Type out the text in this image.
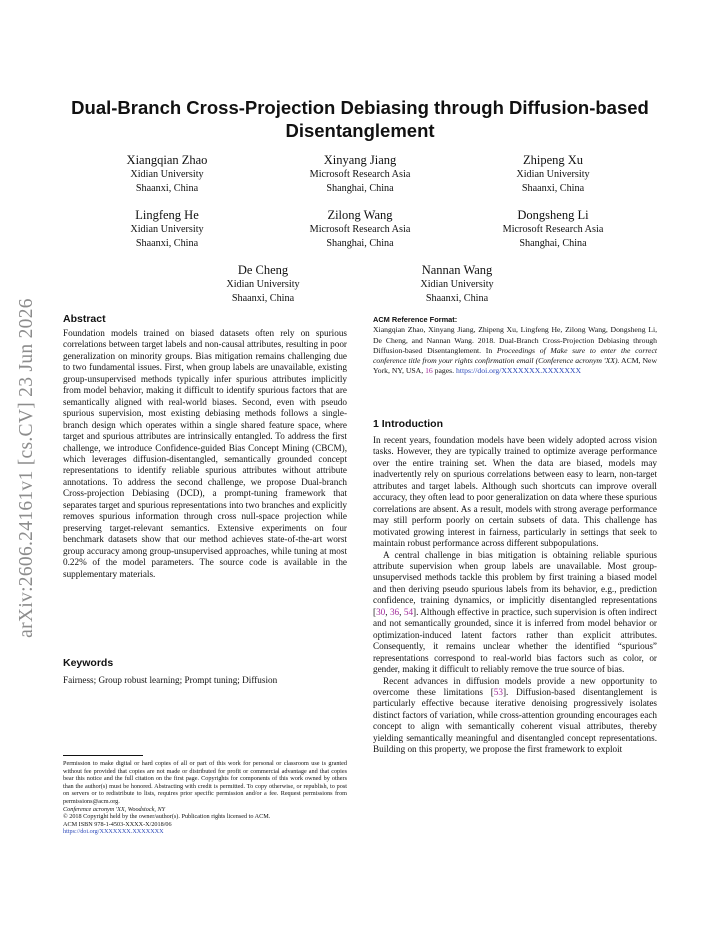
arXiv:2606.24161v1 [cs.CV] 23 Jun 2026
Dual-Branch Cross-Projection Debiasing through Diffusion-based Disentanglement
Xiangqian Zhao
Xidian University
Shaanxi, China
Xinyang Jiang
Microsoft Research Asia
Shanghai, China
Zhipeng Xu
Xidian University
Shaanxi, China
Lingfeng He
Xidian University
Shaanxi, China
Zilong Wang
Microsoft Research Asia
Shanghai, China
Dongsheng Li
Microsoft Research Asia
Shanghai, China
De Cheng
Xidian University
Shaanxi, China
Nannan Wang
Xidian University
Shaanxi, China
Abstract

Foundation models trained on biased datasets often rely on spurious correlations between target labels and non-causal attributes, resulting in poor generalization on minority groups. Bias mitigation remains challenging due to two fundamental issues. First, when group labels are unavailable, existing group-unsupervised methods typically infer spurious attributes implicitly from model behavior, making it difficult to identify spurious factors that are semantically aligned with real-world biases. Second, even with pseudo spurious supervision, most existing debiasing methods follows a single-branch design which operates within a single shared feature space, where target and spurious attributes are intrinsically entangled. To address the first challenge, we introduce Confidence-guided Bias Concept Mining (CBCM), which leverages diffusion-disentangled, semantically grounded concept representations to identify reliable spurious attributes without attribute annotations. To address the second challenge, we propose Dual-branch Cross-projection Debiasing (DCD), a prompt-tuning framework that separates target and spurious representations into two branches and explicitly removes spurious information through cross null-space projection while preserving target-relevant semantics. Extensive experiments on four benchmark datasets show that our method achieves state-of-the-art worst group accuracy among group-unsupervised approaches, while tuning at most 0.22% of the model parameters. The source code is available in the supplementary materials.

Keywords

Fairness; Group robust learning; Prompt tuning; Diffusion

Permission to make digital or hard copies of all or part of this work for personal or classroom use is granted without fee provided that copies are not made or distributed for profit or commercial advantage and that copies bear this notice and the full citation on the first page. Copyrights for components of this work owned by others than the author(s) must be honored. Abstracting with credit is permitted. To copy otherwise, or republish, to post on servers or to redistribute to lists, requires prior specific permission and/or a fee. Request permissions from permissions@acm.org.
Conference acronym 'XX, Woodstock, NY
© 2018 Copyright held by the owner/author(s). Publication rights licensed to ACM.
ACM ISBN 978-1-4503-XXXX-X/2018/06
https://doi.org/XXXXXXX.XXXXXXX
ACM Reference Format:
Xiangqian Zhao, Xinyang Jiang, Zhipeng Xu, Lingfeng He, Zilong Wang, Dongsheng Li, De Cheng, and Nannan Wang. 2018. Dual-Branch Cross-Projection Debiasing through Diffusion-based Disentanglement. In Proceedings of Make sure to enter the correct conference title from your rights confirmation email (Conference acronym 'XX). ACM, New York, NY, USA, 16 pages. https://doi.org/XXXXXXX.XXXXXXX
1 Introduction

In recent years, foundation models have been widely adopted across vision tasks. However, they are typically trained to optimize average performance over the entire training set. When the data are biased, models may inadvertently rely on spurious correlations between easy to learn, non-target attributes and target labels. Although such shortcuts can improve overall accuracy, they often lead to poor generalization on data where these spurious correlations are absent. As a result, models with strong average performance may still perform poorly on certain subsets of data. This challenge has motivated growing interest in fairness, particularly in settings that seek to maintain robust performance across different subpopulations.

A central challenge in bias mitigation is obtaining reliable spurious attribute supervision when group labels are unavailable. Most group-unsupervised methods tackle this problem by first training a biased model and then deriving pseudo spurious labels from its behavior, e.g., prediction confidence, training dynamics, or implicitly disentangled representations [30, 36, 54]. Although effective in practice, such supervision is often indirect and not semantically grounded, since it is inferred from model behavior or optimization-induced latent factors rather than explicit attributes. Consequently, it remains unclear whether the identified “spurious” representations correspond to real-world bias factors such as color, or gender, making it difficult to reliably remove the true source of bias.

Recent advances in diffusion models provide a new opportunity to overcome these limitations [53]. Diffusion-based disentanglement is particularly effective because iterative denoising progressively isolates distinct factors of variation, while cross-attention grounding encourages each concept to align with semantically coherent visual attributes, thereby yielding semantically meaningful and disentangled concept representations. Building on this property, we propose the first framework to exploit
